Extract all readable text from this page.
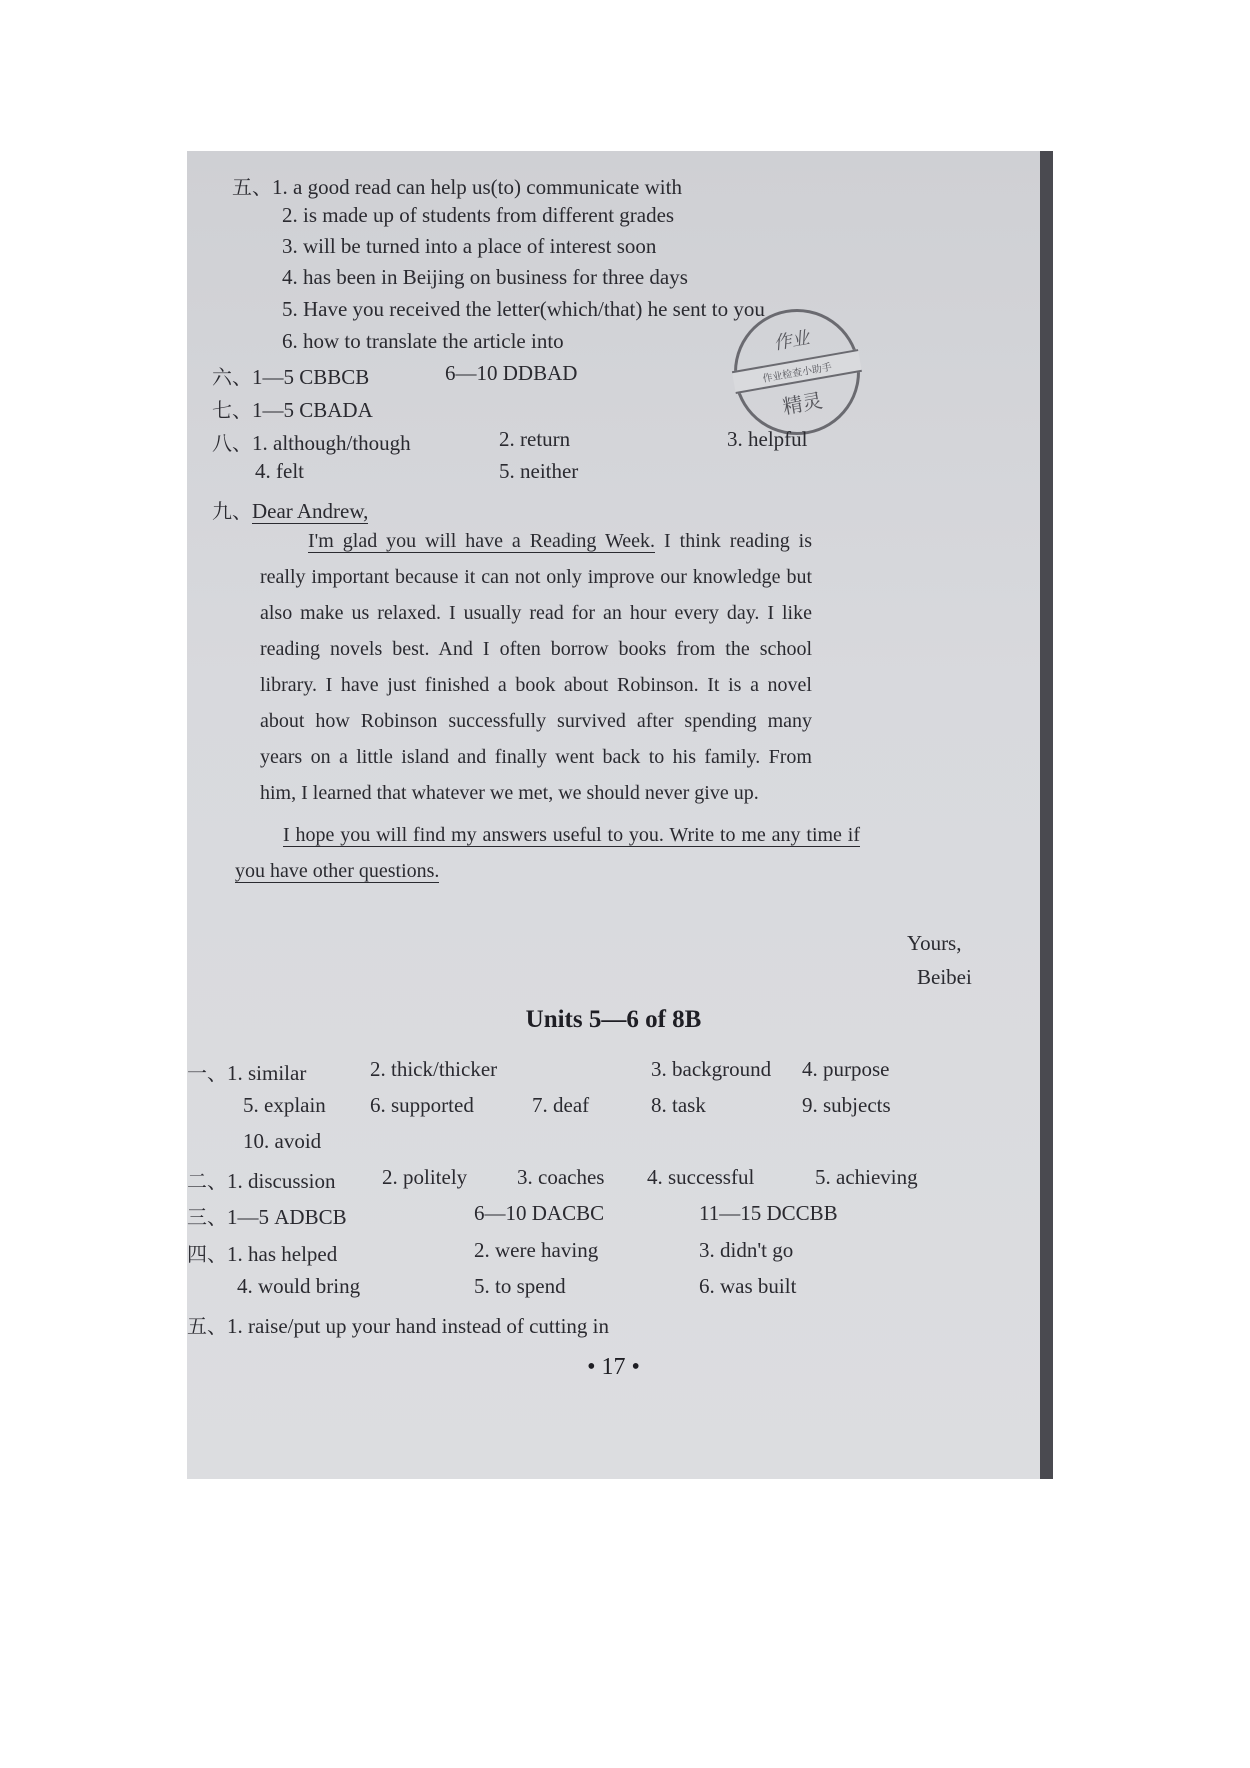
五、1. a good read can help us(to) communicate with
2. is made up of students from different grades
3. will be turned into a place of interest soon
4. has been in Beijing on business for three days
5. Have you received the letter(which/that) he sent to you
6. how to translate the article into	作业
作业检查小助手
精灵
六、1—5 CBBCB	6—10 DDBAD
七、1—5 CBADA
八、1. although/though	2. return	3. helpful
4. felt	5. neither
九、Dear Andrew,
I'm glad you will have a Reading Week. I think reading is really important because it can not only improve our knowledge but also make us relaxed. I usually read for an hour every day. I like reading novels best. And I often borrow books from the school library. I have just finished a book about Robinson. It is a novel about how Robinson successfully survived after spending many years on a little island and finally went back to his family. From him, I learned that whatever we met, we should never give up.
I hope you will find my answers useful to you. Write to me any time if you have other questions.
Yours,
Beibei
Units 5—6 of 8B
一、1. similar	2. thick/thicker	3. background 4. purpose
5. explain 6. supported	7. deaf	8. task	9. subjects
10. avoid
二、1. discussion 2. politely 3. coaches 4. successful	5. achieving
三、1—5 ADBCB	6—10 DACBC	11—15 DCCBB
四、1. has helped	2. were having	3. didn't go
4. would bring	5. to spend	6. was built
五、1. raise/put up your hand instead of cutting in
• 17 •
